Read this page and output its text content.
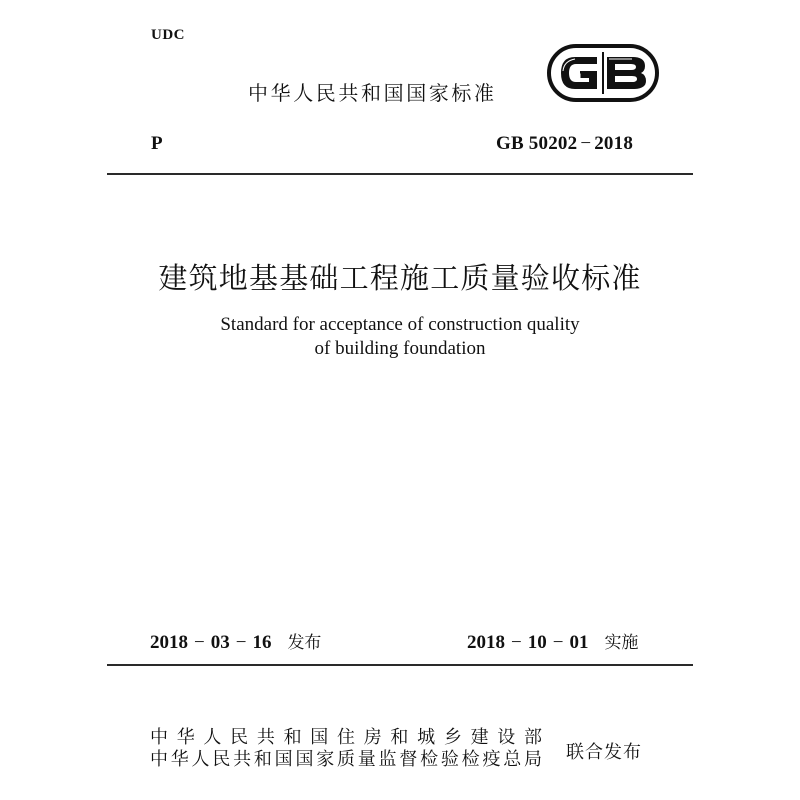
UDC
中华人民共和国国家标准
P	GB 50202 − 2018
建筑地基基础工程施工质量验收标准
Standard for acceptance of construction quality
of building foundation
2018 − 03 − 16 发布	2018 − 10 − 01 实施
中华人民共和国住房和城乡建设部
中华人民共和国国家质量监督检验检疫总局 联合发布
